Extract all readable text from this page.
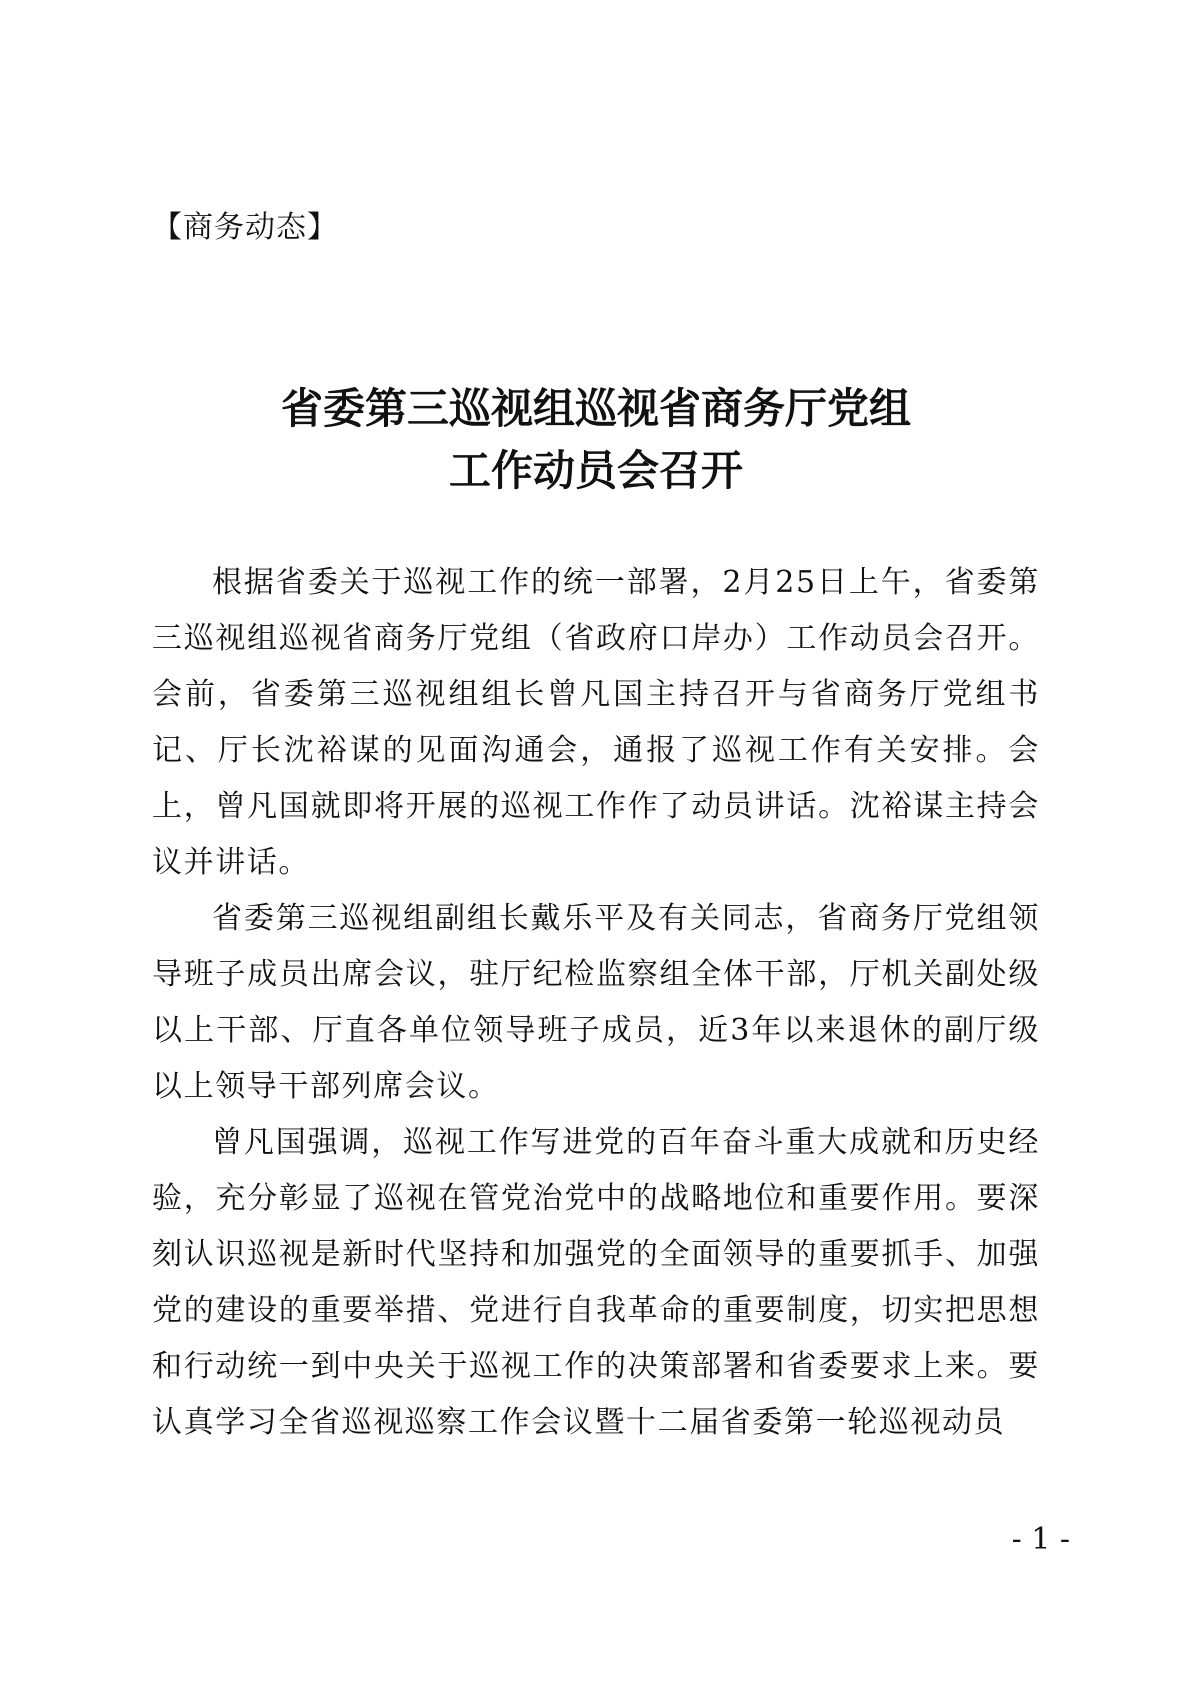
【商务动态】
省委第三巡视组巡视省商务厅党组
工作动员会召开

根据省委关于巡视工作的统一部署，2月25日上午，省委第三巡视组巡视省商务厅党组（省政府口岸办）工作动员会召开。会前，省委第三巡视组组长曾凡国主持召开与省商务厅党组书记、厅长沈裕谋的见面沟通会，通报了巡视工作有关安排。会上，曾凡国就即将开展的巡视工作作了动员讲话。沈裕谋主持会议并讲话。

省委第三巡视组副组长戴乐平及有关同志，省商务厅党组领导班子成员出席会议，驻厅纪检监察组全体干部，厅机关副处级以上干部、厅直各单位领导班子成员，近3年以来退休的副厅级以上领导干部列席会议。

曾凡国强调，巡视工作写进党的百年奋斗重大成就和历史经验，充分彰显了巡视在管党治党中的战略地位和重要作用。要深刻认识巡视是新时代坚持和加强党的全面领导的重要抓手、加强党的建设的重要举措、党进行自我革命的重要制度，切实把思想和行动统一到中央关于巡视工作的决策部署和省委要求上来。要认真学习全省巡视巡察工作会议暨十二届省委第一轮巡视动员

- 1 -
